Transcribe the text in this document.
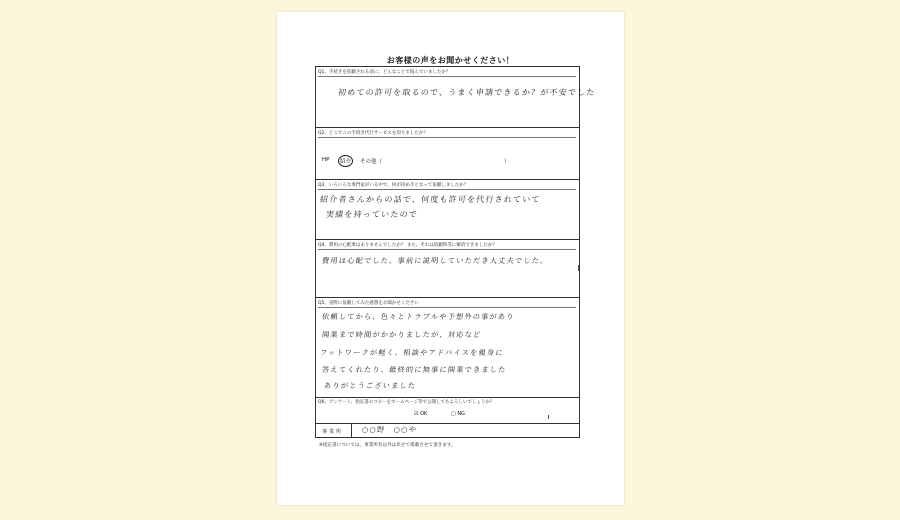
お客様の声をお聞かせください！
Q1、手続きを依頼される前に、どんなことで悩んでいましたか？
初めての許可を取るので、うまく申請できるか？が不安でした
Q2、どこでこの手続き代行サービスを知りましたか？
HP 紹介 その他（	）
Q3、いろいろな専門家がいる中で、何が決め手となって依頼しましたか？
紹介者さんからの話で、何度も許可を代行されていて
実績を持っていたので
Q4、費用の心配事はありませんでしたか？ また、それは依頼時等に解消できましたか？
費用は心配でした。事前に説明していただき大丈夫でした。
Q5、実際に依頼してみた感想をお聞かせください
依頼してから、色々とトラブルや予想外の事があり
開業まで時間がかかりましたが、対応など
フットワークが軽く、相談やアドバイスを親身に
答えてくれたり、最終的に無事に開業できました
ありがとうございました
Q6、アンケート、指定書のコピーをホームページ等で公開してもよろしいでしょうか？
☑ OK	□ NG
事業所	○○野　○○や
※指定書については、事業所名以外は伏せて掲載させて頂きます。
